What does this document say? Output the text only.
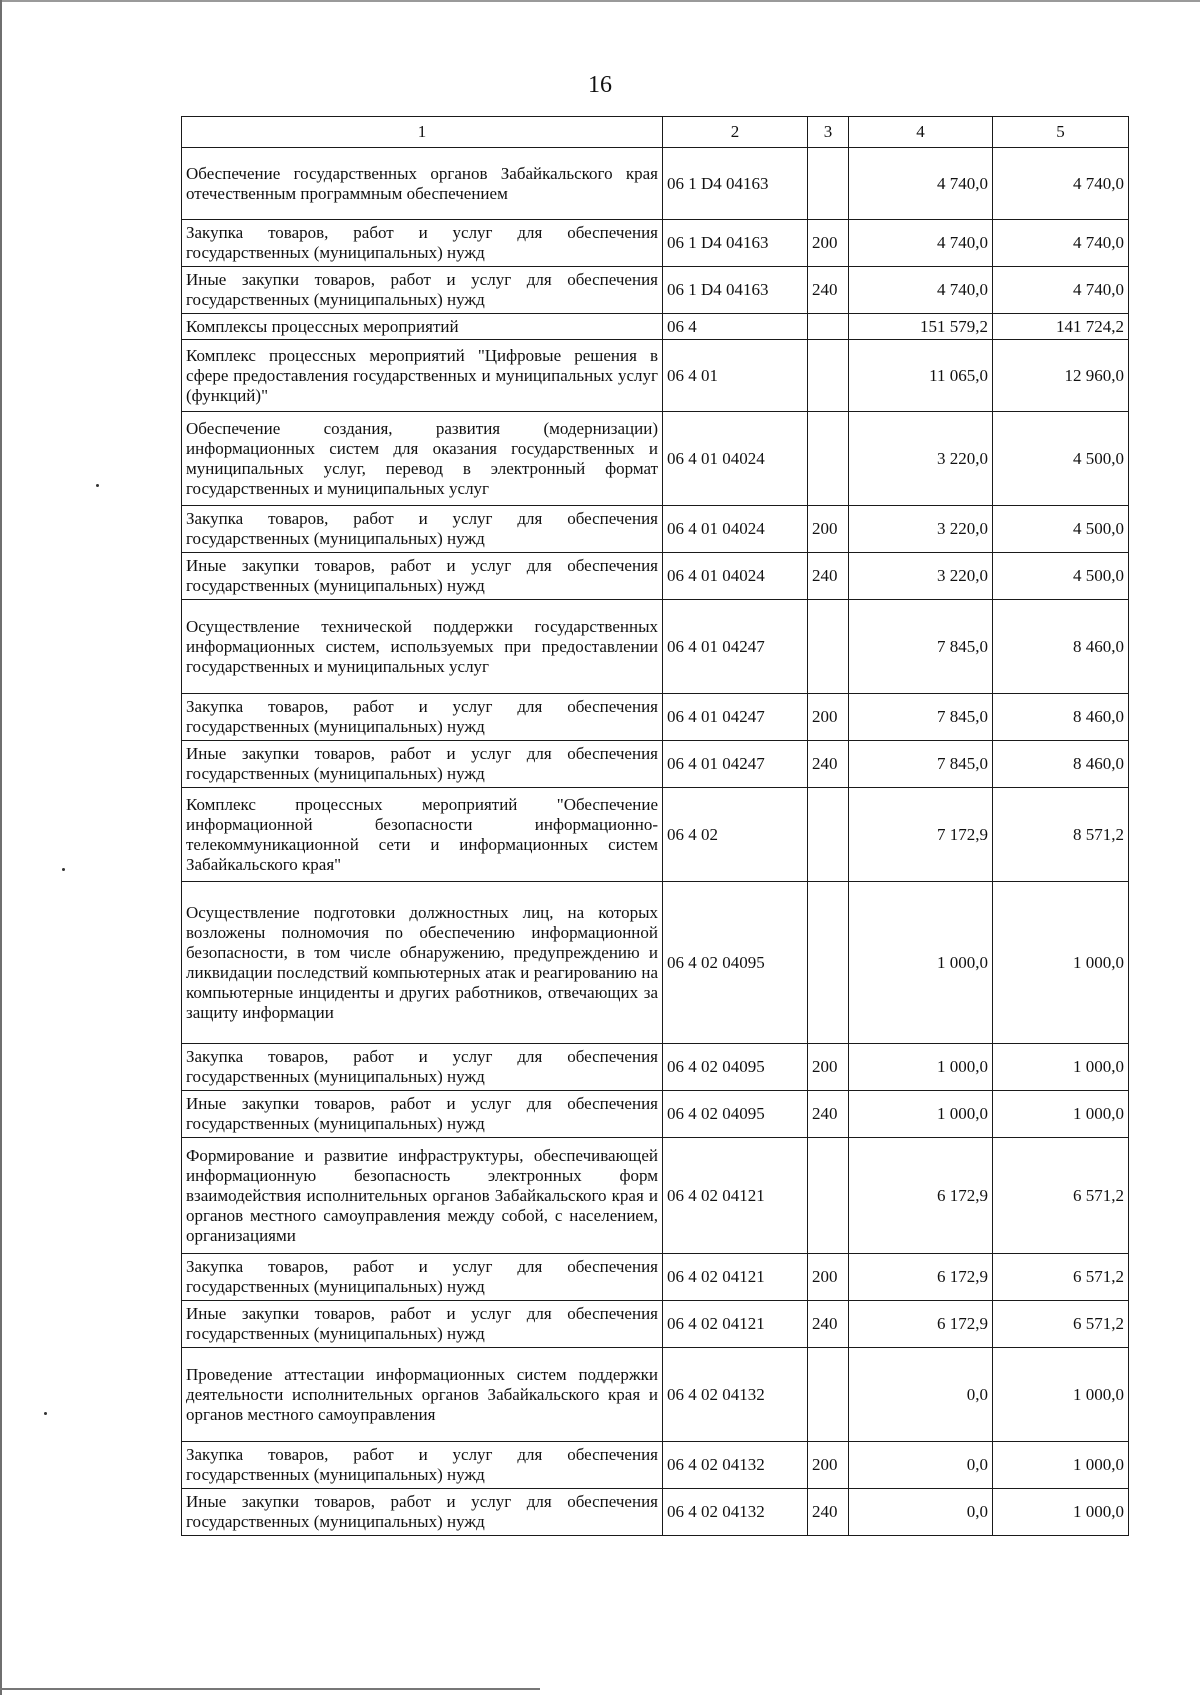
16
1	2	3	4	5
Обеспечение государственных органов Забайкальского края отечественным программным обеспечением	06 1 D4 04163		4 740,0	4 740,0
Закупка товаров, работ и услуг для обеспечения государственных (муниципальных) нужд	06 1 D4 04163	200	4 740,0	4 740,0
Иные закупки товаров, работ и услуг для обеспечения государственных (муниципальных) нужд	06 1 D4 04163	240	4 740,0	4 740,0
Комплексы процессных мероприятий	06 4		151 579,2	141 724,2
Комплекс процессных мероприятий "Цифровые решения в сфере предоставления государственных и муниципальных услуг (функций)"	06 4 01		11 065,0	12 960,0
Обеспечение создания, развития (модернизации) информационных систем для оказания государственных и муниципальных услуг, перевод в электронный формат государственных и муниципальных услуг	06 4 01 04024		3 220,0	4 500,0
Закупка товаров, работ и услуг для обеспечения государственных (муниципальных) нужд	06 4 01 04024	200	3 220,0	4 500,0
Иные закупки товаров, работ и услуг для обеспечения государственных (муниципальных) нужд	06 4 01 04024	240	3 220,0	4 500,0
Осуществление технической поддержки государственных информационных систем, используемых при предоставлении государственных и муниципальных услуг	06 4 01 04247		7 845,0	8 460,0
Закупка товаров, работ и услуг для обеспечения государственных (муниципальных) нужд	06 4 01 04247	200	7 845,0	8 460,0
Иные закупки товаров, работ и услуг для обеспечения государственных (муниципальных) нужд	06 4 01 04247	240	7 845,0	8 460,0
Комплекс процессных мероприятий "Обеспечение информационной безопасности информационно-телекоммуникационной сети и информационных систем Забайкальского края"	06 4 02		7 172,9	8 571,2
Осуществление подготовки должностных лиц, на которых возложены полномочия по обеспечению информационной безопасности, в том числе обнаружению, предупреждению и ликвидации последствий компьютерных атак и реагированию на компьютерные инциденты и других работников, отвечающих за защиту информации	06 4 02 04095		1 000,0	1 000,0
Закупка товаров, работ и услуг для обеспечения государственных (муниципальных) нужд	06 4 02 04095	200	1 000,0	1 000,0
Иные закупки товаров, работ и услуг для обеспечения государственных (муниципальных) нужд	06 4 02 04095	240	1 000,0	1 000,0
Формирование и развитие инфраструктуры, обеспечивающей информационную безопасность электронных форм взаимодействия исполнительных органов Забайкальского края и органов местного самоуправления между собой, с населением, организациями	06 4 02 04121		6 172,9	6 571,2
Закупка товаров, работ и услуг для обеспечения государственных (муниципальных) нужд	06 4 02 04121	200	6 172,9	6 571,2
Иные закупки товаров, работ и услуг для обеспечения государственных (муниципальных) нужд	06 4 02 04121	240	6 172,9	6 571,2
Проведение аттестации информационных систем поддержки деятельности исполнительных органов Забайкальского края и органов местного самоуправления	06 4 02 04132		0,0	1 000,0
Закупка товаров, работ и услуг для обеспечения государственных (муниципальных) нужд	06 4 02 04132	200	0,0	1 000,0
Иные закупки товаров, работ и услуг для обеспечения государственных (муниципальных) нужд	06 4 02 04132	240	0,0	1 000,0
